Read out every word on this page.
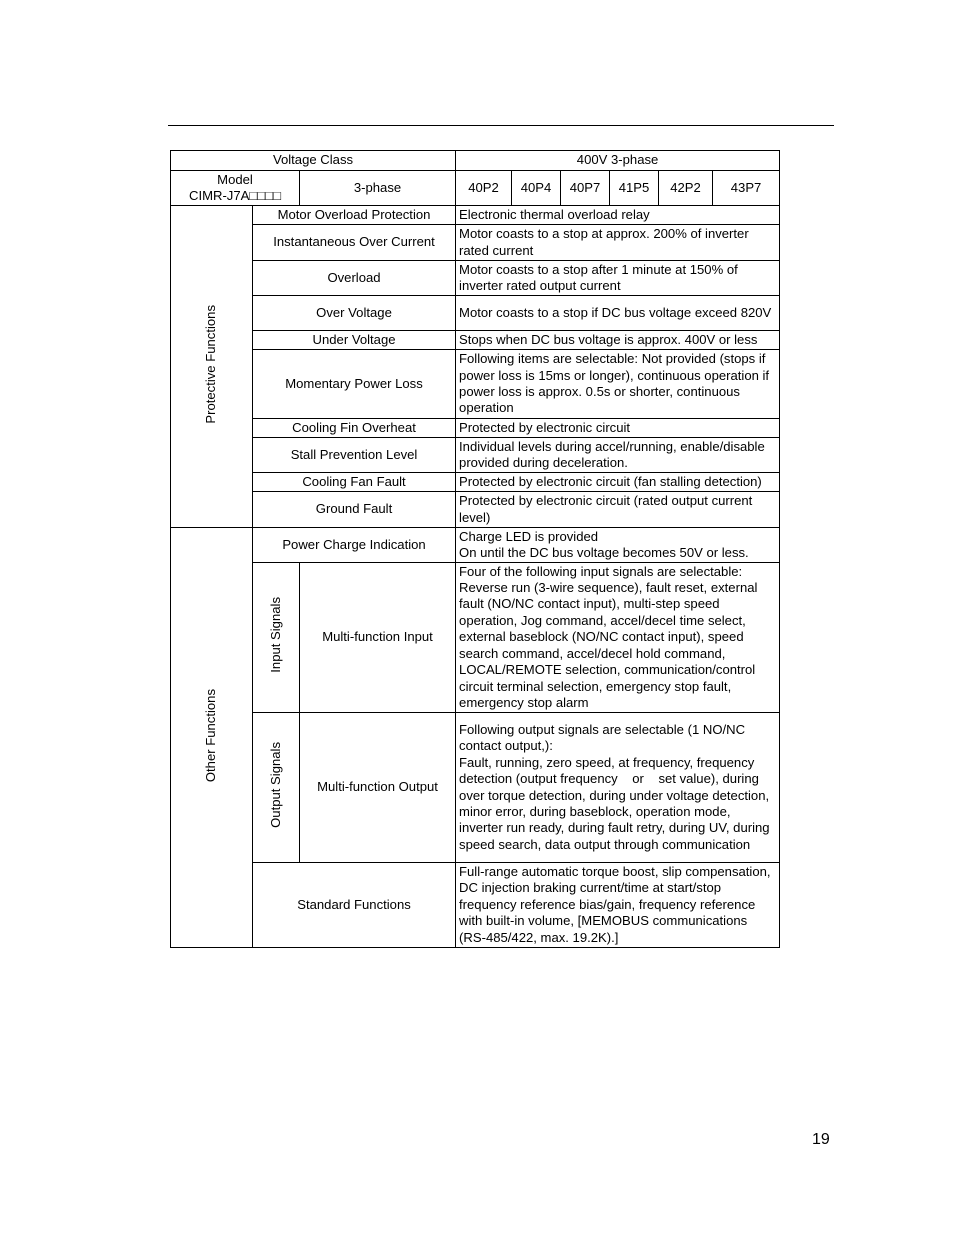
Voltage Class			400V 3-phase					

Model
CIMR-J7A□□□□		3-phase	40P2	40P4	40P7	41P5	42P2	43P7
Protective Functions	Motor Overload Protection		Electronic thermal overload relay					
	Instantaneous Over Current		Motor coasts to a stop at approx. 200% of inverter rated current					
	Overload		Motor coasts to a stop after 1 minute at 150% of inverter rated output current					
	Over Voltage		Motor coasts to a stop if DC bus voltage exceed 820V					
	Under Voltage		Stops when DC bus voltage is approx. 400V or less					
	Momentary Power Loss		Following items are selectable: Not provided (stops if power loss is 15ms or longer), continuous operation if power loss is approx. 0.5s or shorter, continuous operation					
	Cooling Fin Overheat		Protected by electronic circuit					
	Stall Prevention Level		Individual levels during accel/running, enable/disable provided during deceleration.					
	Cooling Fan Fault		Protected by electronic circuit (fan stalling detection)					
	Ground Fault		Protected by electronic circuit (rated output current level)					
Other Functions	Power Charge Indication		Charge LED is provided
On until the DC bus voltage becomes 50V or less.					

	Input Signals	Multi-function Input	Four of the following input signals are selectable: Reverse run (3-wire sequence), fault reset, external fault (NO/NC contact input), multi-step speed operation, Jog command, accel/decel time select, external baseblock (NO/NC contact input), speed search command, accel/decel hold command, LOCAL/REMOTE selection, communication/control circuit terminal selection, emergency stop fault, emergency stop alarm					
	Output Signals	Multi-function Output	Following output signals are selectable (1 NO/NC contact output,):
Fault, running, zero speed, at frequency, frequency detection (output frequency    or    set value), during over torque detection, during under voltage detection, minor error, during baseblock, operation mode, inverter run ready, during fault retry, during UV, during speed search, data output through communication					

	Standard Functions		Full-range automatic torque boost, slip compensation, DC injection braking current/time at start/stop frequency reference bias/gain, frequency reference with built-in volume, [MEMOBUS communications (RS-485/422, max. 19.2K).]					
19
